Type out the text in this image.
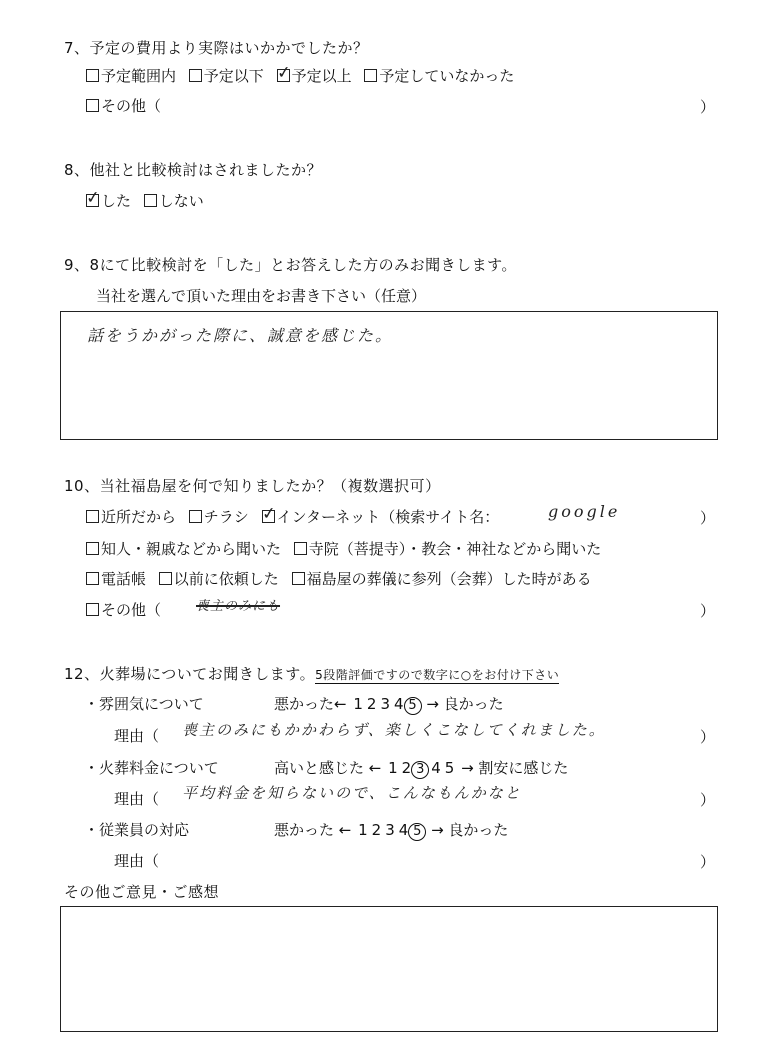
7、予定の費用より実際はいかかでしたか？
予定範囲内 予定以下 ✓ 予定以上 予定していなかった
その他（	）
8、他社と比較検討はされましたか？
✓ した しない
9、8にて比較検討を「した」とお答えした方のみお聞きします。
当社を選んで頂いた理由をお書き下さい（任意）
話をうかがった際に、誠意を感じた。
10、当社福島屋を何で知りましたか？（複数選択可）
近所だから チラシ ✓ インターネット（検索サイト名：	google	）
知人・親戚などから聞いた 寺院（菩提寺）・教会・神社などから聞いた
電話帳 以前に依頼した 福島屋の葬儀に参列（会葬）した時がある
その他（	喪主のみにも	）
12、火葬場についてお聞きします。5段階評価ですので数字に○をお付け下さい
・雰囲気について	悪かった← 1 2 3 4 5 → 良かった
理由（ 喪主のみにもかかわらず、楽しくこなしてくれました。	）
・火葬料金について	高いと感じた ← 1 2 3 4 5 → 割安に感じた
理由（ 平均料金を知らないので、こんなもんかなと	）
・従業員の対応	悪かった ← 1 2 3 4 5 → 良かった
理由（	）
その他ご意見・ご感想
